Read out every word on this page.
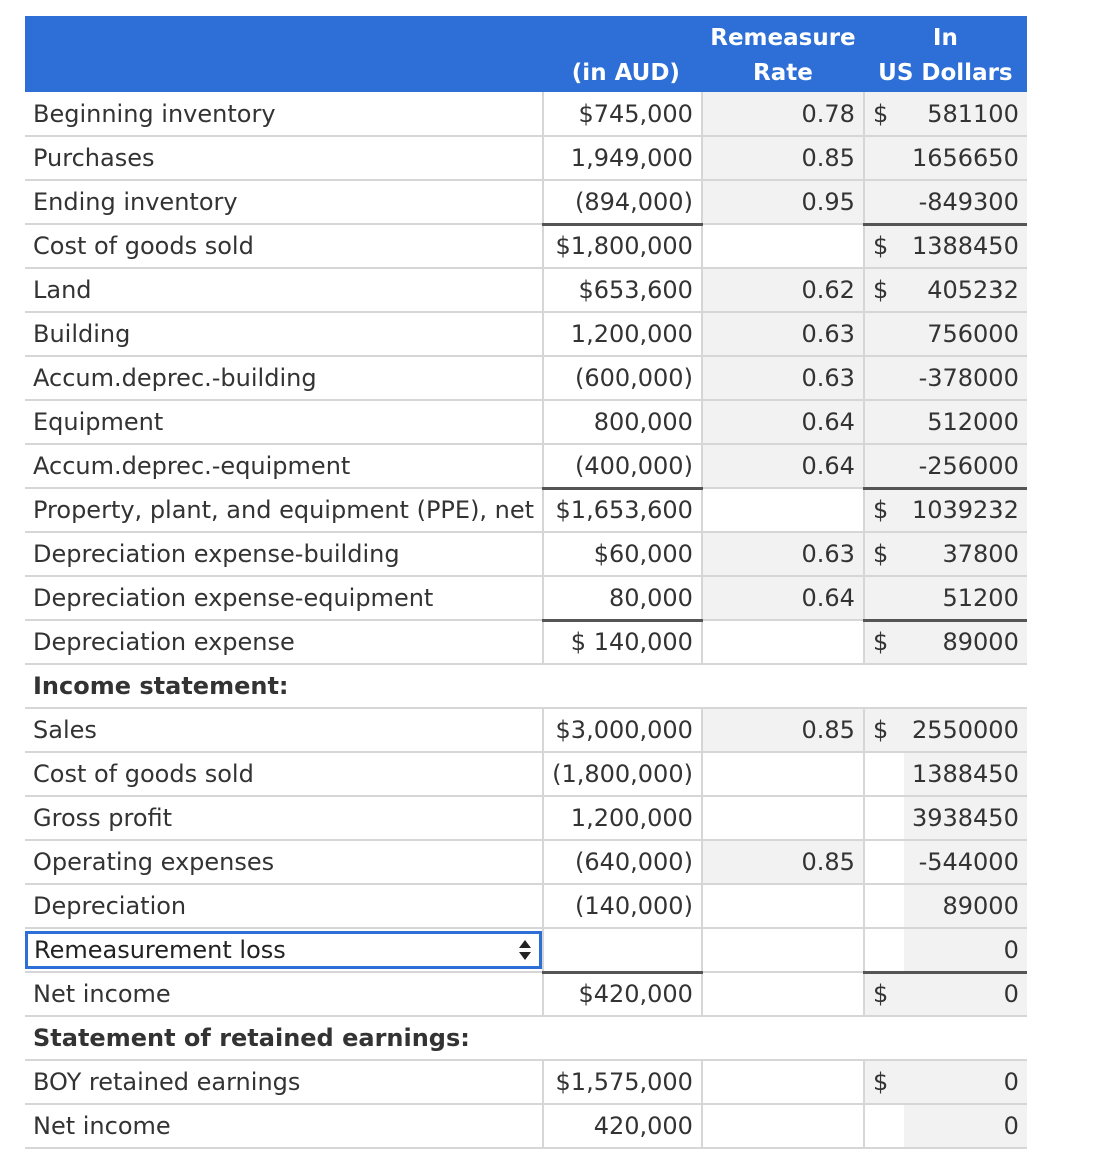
		Remeasure	In	
	(in AUD)	Rate	US Dollars	
Beginning inventory	$745,000	0.78	$	581100
Purchases	1,949,000	0.85		1656650
Ending inventory	(894,000)	0.95		-849300
Cost of goods sold	$1,800,000		$	1388450
Land	$653,600	0.62	$	405232
Building	1,200,000	0.63		756000
Accum.deprec.-building	(600,000)	0.63		-378000
Equipment	800,000	0.64		512000
Accum.deprec.-equipment	(400,000)	0.64		-256000
Property, plant, and equipment (PPE), net	$1,653,600		$	1039232
Depreciation expense-building	$60,000	0.63	$	37800
Depreciation expense-equipment	80,000	0.64		51200
Depreciation expense	$ 140,000		$	89000
Income statement:				
Sales	$3,000,000	0.85	$	2550000
Cost of goods sold	(1,800,000)			1388450
Gross profit	1,200,000			3938450
Operating expenses	(640,000)	0.85		-544000
Depreciation	(140,000)			89000

Remeasurement loss				0
Net income	$420,000		$	0
Statement of retained earnings:				
BOY retained earnings	$1,575,000		$	0
Net income	420,000			0
